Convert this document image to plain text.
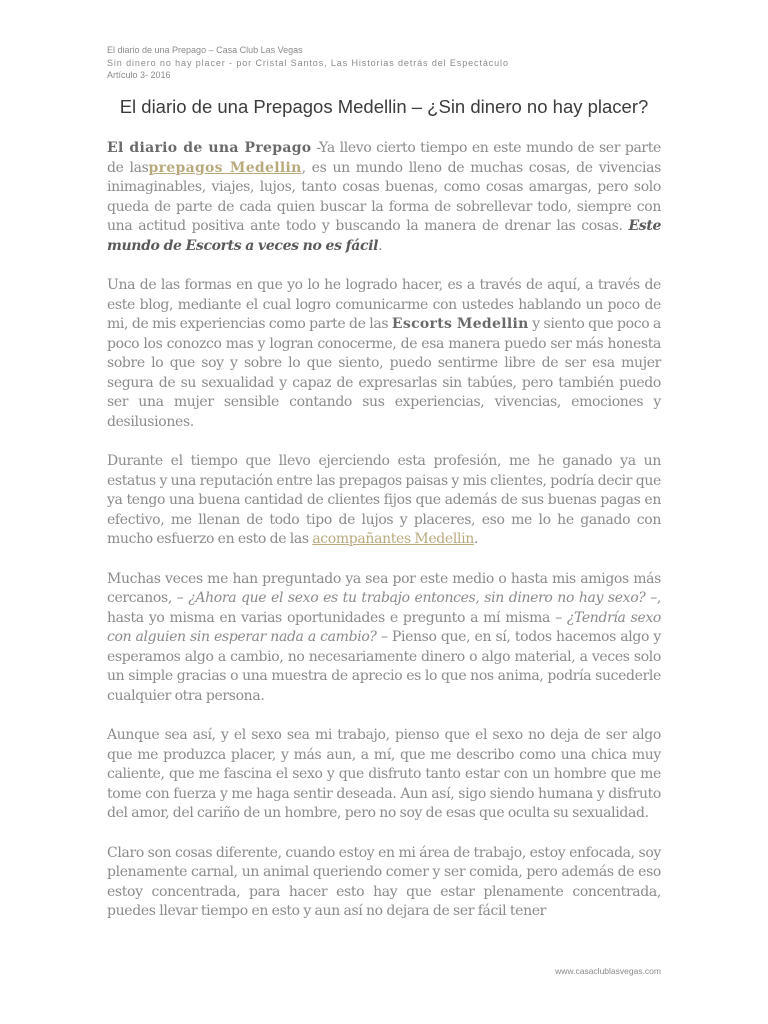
El diario de una Prepago – Casa Club Las Vegas
Sin dinero no hay placer - por Cristal Santos, Las Historias detrás del Espectáculo
Artículo 3- 2016
El diario de una Prepagos Medellin – ¿Sin dinero no hay placer?

El diario de una Prepago -Ya llevo cierto tiempo en este mundo de ser parte de lasprepagos Medellin, es un mundo lleno de muchas cosas, de vivencias inimaginables, viajes, lujos, tanto cosas buenas, como cosas amargas, pero solo queda de parte de cada quien buscar la forma de sobrellevar todo, siempre con una actitud positiva ante todo y buscando la manera de drenar las cosas. Este mundo de Escorts a veces no es fácil.

Una de las formas en que yo lo he logrado hacer, es a través de aquí, a través de este blog, mediante el cual logro comunicarme con ustedes hablando un poco de mi, de mis experiencias como parte de las Escorts Medellin y siento que poco a poco los conozco mas y logran conocerme, de esa manera puedo ser más honesta sobre lo que soy y sobre lo que siento, puedo sentirme libre de ser esa mujer segura de su sexualidad y capaz de expresarlas sin tabúes, pero también puedo ser una mujer sensible contando sus experiencias, vivencias, emociones y desilusiones.

Durante el tiempo que llevo ejerciendo esta profesión, me he ganado ya un estatus y una reputación entre las prepagos paisas y mis clientes, podría decir que ya tengo una buena cantidad de clientes fijos que además de sus buenas pagas en efectivo, me llenan de todo tipo de lujos y placeres, eso me lo he ganado con mucho esfuerzo en esto de las acompañantes Medellin.

Muchas veces me han preguntado ya sea por este medio o hasta mis amigos más cercanos, – ¿Ahora que el sexo es tu trabajo entonces, sin dinero no hay sexo? –, hasta yo misma en varias oportunidades e pregunto a mí misma – ¿Tendría sexo con alguien sin esperar nada a cambio? – Pienso que, en sí, todos hacemos algo y esperamos algo a cambio, no necesariamente dinero o algo material, a veces solo un simple gracias o una muestra de aprecio es lo que nos anima, podría sucederle cualquier otra persona.

Aunque sea así, y el sexo sea mi trabajo, pienso que el sexo no deja de ser algo que me produzca placer, y más aun, a mí, que me describo como una chica muy caliente, que me fascina el sexo y que disfruto tanto estar con un hombre que me tome con fuerza y me haga sentir deseada. Aun así, sigo siendo humana y disfruto del amor, del cariño de un hombre, pero no soy de esas que oculta su sexualidad.

Claro son cosas diferente, cuando estoy en mi área de trabajo, estoy enfocada, soy plenamente carnal, un animal queriendo comer y ser comida, pero además de eso estoy concentrada, para hacer esto hay que estar plenamente concentrada, puedes llevar tiempo en esto y aun así no dejara de ser fácil tener

www.casaclublasvegas.com
